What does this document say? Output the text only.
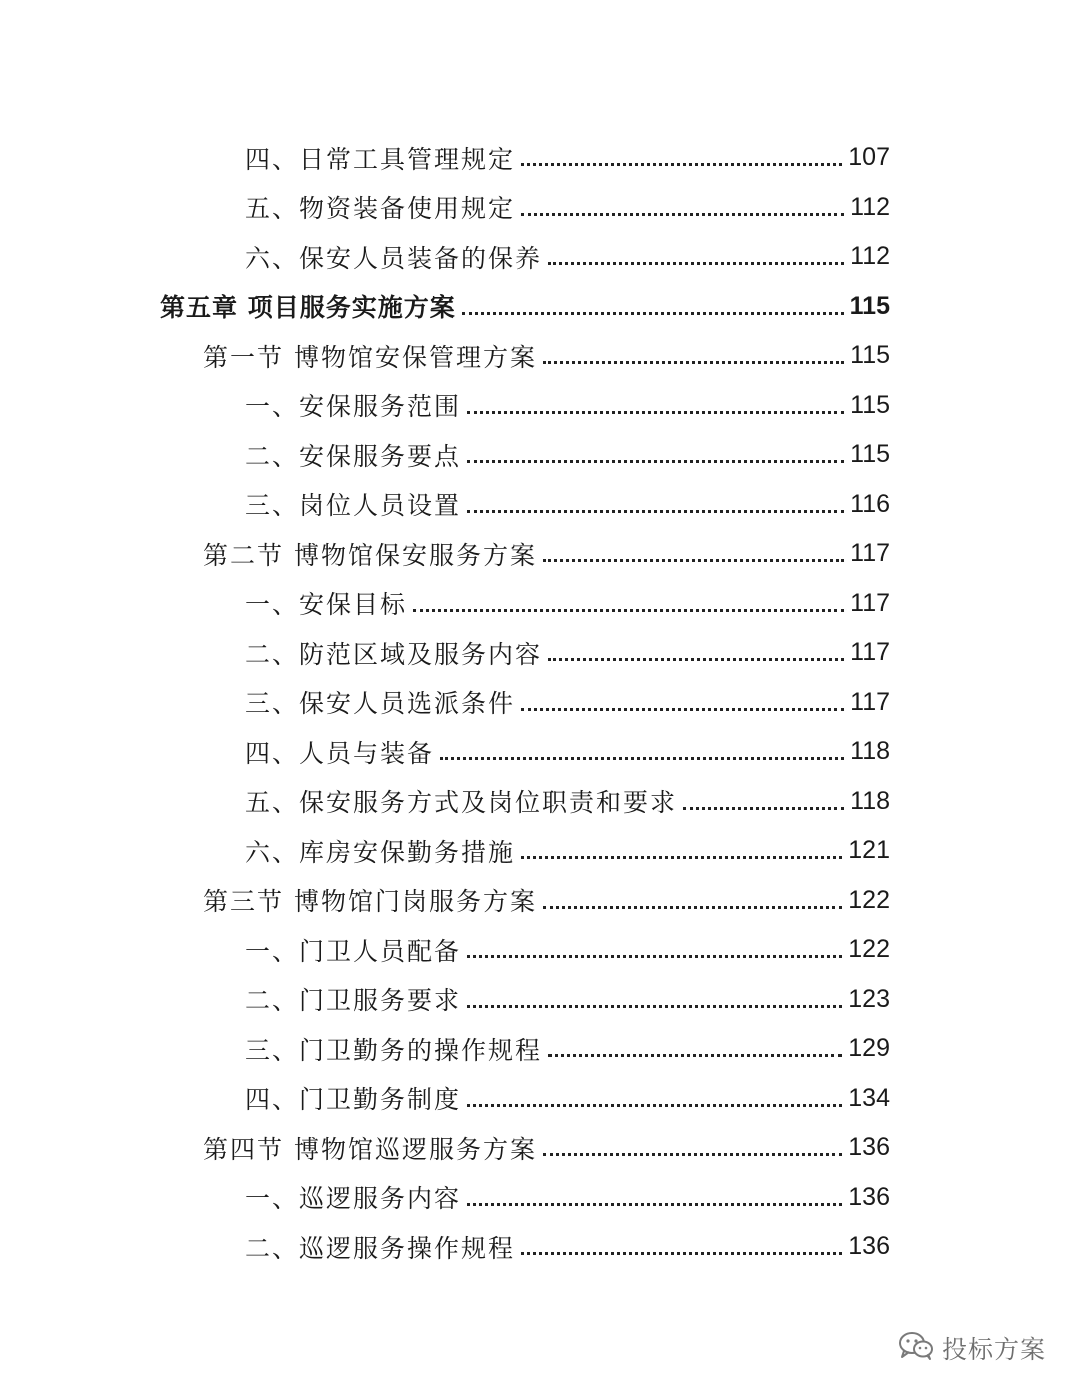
四、日常工具管理规定	107
五、物资装备使用规定	112
六、保安人员装备的保养	112
第五章 项目服务实施方案	115
第一节 博物馆安保管理方案	115
一、安保服务范围	115
二、安保服务要点	115
三、岗位人员设置	116
第二节 博物馆保安服务方案	117
一、安保目标	117
二、防范区域及服务内容	117
三、保安人员选派条件	117
四、人员与装备	118
五、保安服务方式及岗位职责和要求	118
六、库房安保勤务措施	121
第三节 博物馆门岗服务方案	122
一、门卫人员配备	122
二、门卫服务要求	123
三、门卫勤务的操作规程	129
四、门卫勤务制度	134
第四节 博物馆巡逻服务方案	136
一、巡逻服务内容	136
二、巡逻服务操作规程	136
投标方案
